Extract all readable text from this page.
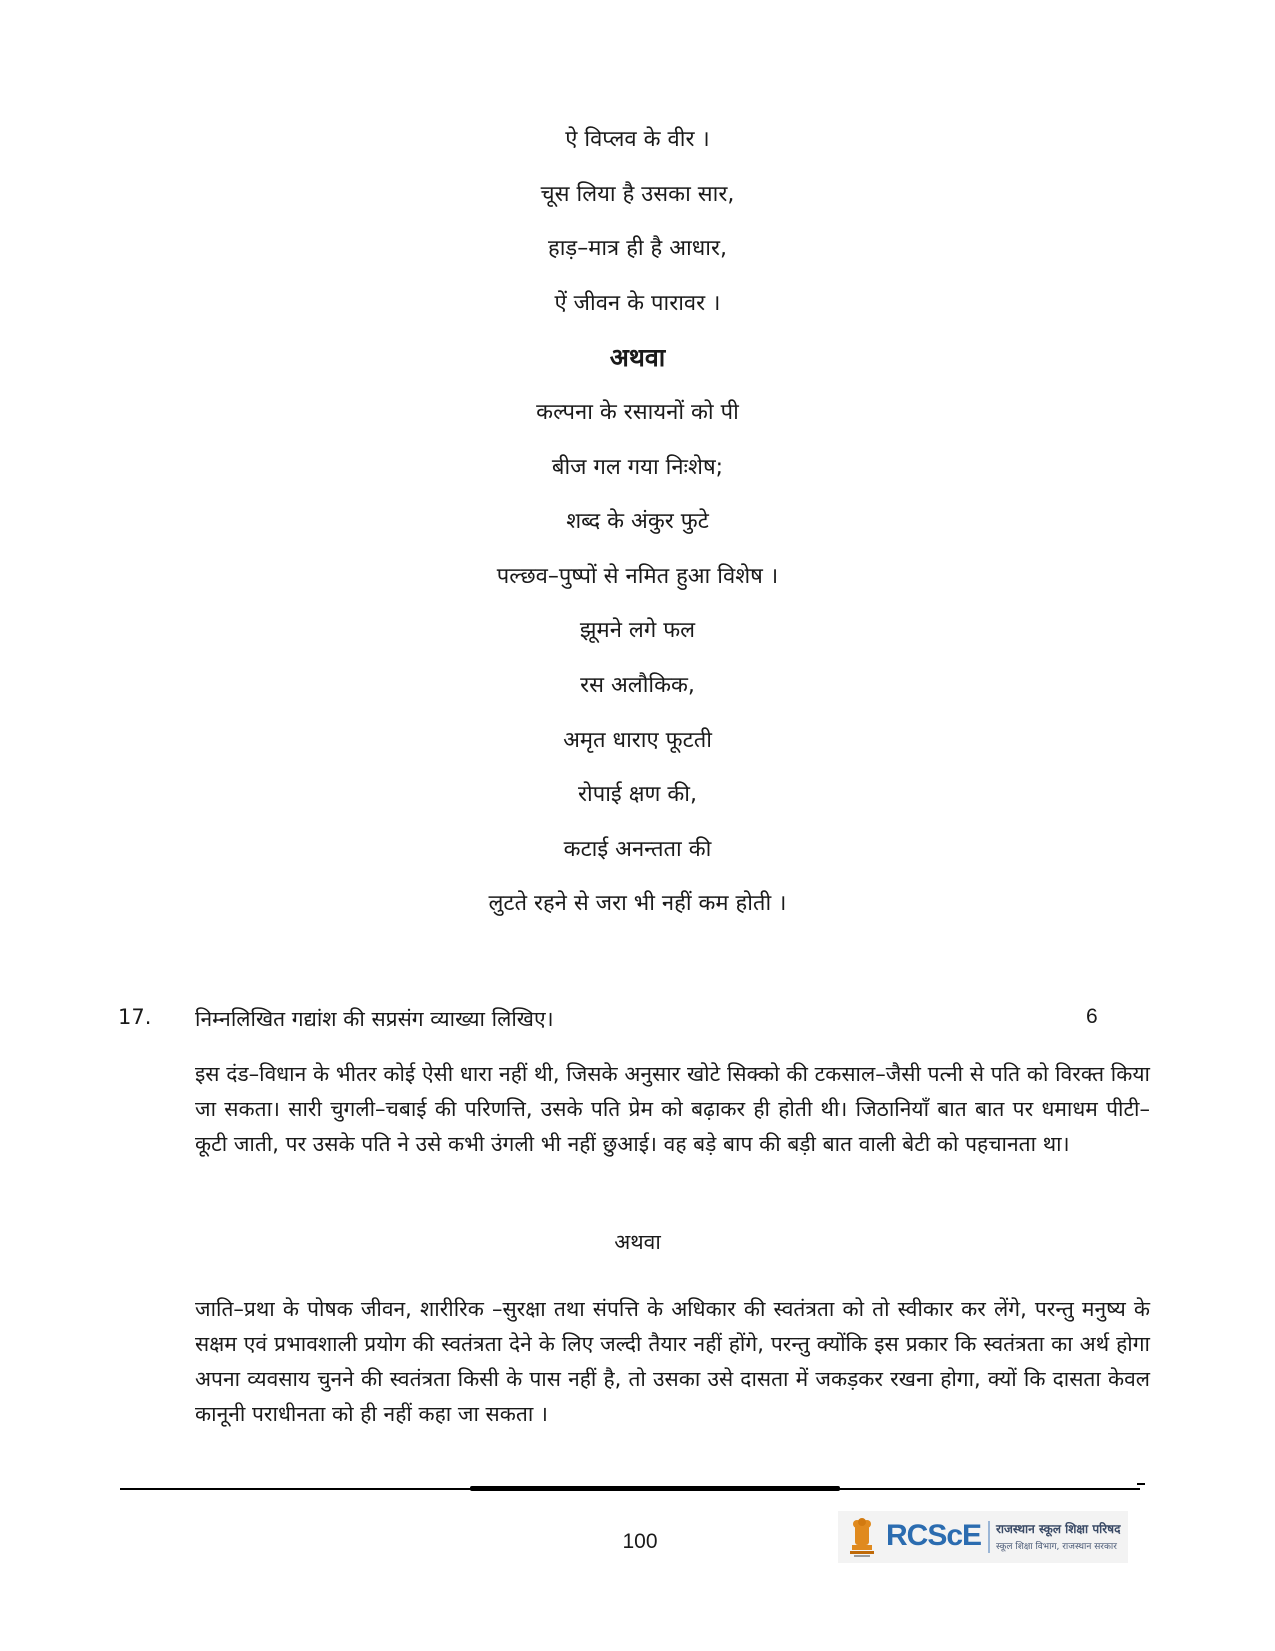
ऐ विप्लव के वीर ।
चूस लिया है उसका सार,
हाड़–मात्र ही है आधार,
ऐं जीवन के पारावर ।
अथवा
कल्पना के रसायनों को पी
बीज गल गया निःशेष;
शब्द के अंकुर फुटे
पल्छव–पुष्पों से नमित हुआ विशेष ।
झूमने लगे फल
रस अलौकिक,
अमृत धाराए फूटती
रोपाई क्षण की,
कटाई अनन्तता की
लुटते रहने से जरा भी नहीं कम होती ।
17. निम्नलिखित गद्यांश की सप्रसंग व्याख्या लिखिए।	6
इस दंड–विधान के भीतर कोई ऐसी धारा नहीं थी, जिसके अनुसार खोटे सिक्को की टकसाल–जैसी पत्नी से पति को विरक्त किया जा सकता। सारी चुगली–चबाई की परिणत्ति, उसके पति प्रेम को बढ़ाकर ही होती थी। जिठानियाँ बात बात पर धमाधम पीटी–कूटी जाती, पर उसके पति ने उसे कभी उंगली भी नहीं छुआई। वह बड़े बाप की बड़ी बात वाली बेटी को पहचानता था।
अथवा
जाति–प्रथा के पोषक जीवन, शारीरिक –सुरक्षा तथा संपत्ति के अधिकार की स्वतंत्रता को तो स्वीकार कर लेंगे, परन्तु मनुष्य के सक्षम एवं प्रभावशाली प्रयोग की स्वतंत्रता देने के लिए जल्दी तैयार नहीं होंगे, परन्तु क्योंकि इस प्रकार कि स्वतंत्रता का अर्थ होगा अपना व्यवसाय चुनने की स्वतंत्रता किसी के पास नहीं है, तो उसका उसे दासता में जकड़कर रखना होगा, क्यों कि दासता केवल कानूनी पराधीनता को ही नहीं कहा जा सकता ।
100	RCScE राजस्थान स्कूल शिक्षा परिषद
स्कूल शिक्षा विभाग, राजस्थान सरकार
